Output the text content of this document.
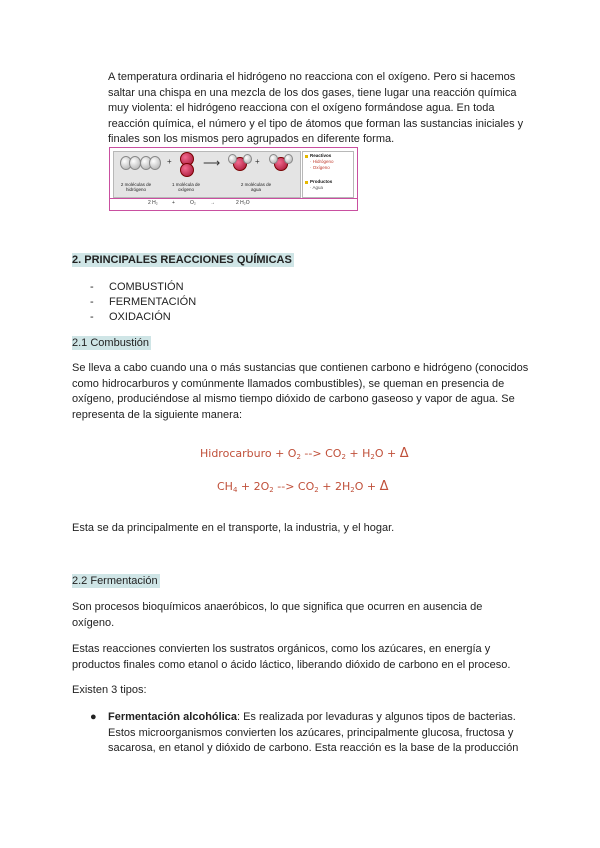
A temperatura ordinaria el hidrógeno no reacciona con el oxígeno. Pero si hacemos saltar una chispa en una mezcla de los dos gases, tiene lugar una reacción química muy violenta: el hidrógeno reacciona con el oxígeno formándose agua. En toda reacción química, el número y el tipo de átomos que forman las sustancias iniciales y finales son los mismos pero agrupados en diferente forma.

+	⟶	+
2 moléculas de hidrógeno
1 molécula de oxígeno
2 moléculas de agua
Reactivos
· Hidrógeno
· Oxígeno
Productos
· Agua
2 H₂	+	O₂	→	2 H₂O
2. PRINCIPALES REACCIONES QUÍMICAS
- COMBUSTIÓN
- FERMENTACIÓN
- OXIDACIÓN
2.1 Combustión

Se lleva a cabo cuando una o más sustancias que contienen carbono e hidrógeno (conocidos como hidrocarburos y comúnmente llamados combustibles), se queman en presencia de oxígeno, produciéndose al mismo tiempo dióxido de carbono gaseoso y vapor de agua. Se representa de la siguiente manera:

Hidrocarburo + $O_2$ --> $CO_2 + H_2O + \Delta$
$CH_4 + 2O_2$ --> $CO_2 + 2H_2O + \Delta$

Esta se da principalmente en el transporte, la industria, y el hogar.

2.2 Fermentación

Son procesos bioquímicos anaeróbicos, lo que significa que ocurren en ausencia de oxígeno.

Estas reacciones convierten los sustratos orgánicos, como los azúcares, en energía y productos finales como etanol o ácido láctico, liberando dióxido de carbono en el proceso.

Existen 3 tipos:

● Fermentación alcohólica: Es realizada por levaduras y algunos tipos de bacterias. Estos microorganismos convierten los azúcares, principalmente glucosa, fructosa y sacarosa, en etanol y dióxido de carbono. Esta reacción es la base de la producción
